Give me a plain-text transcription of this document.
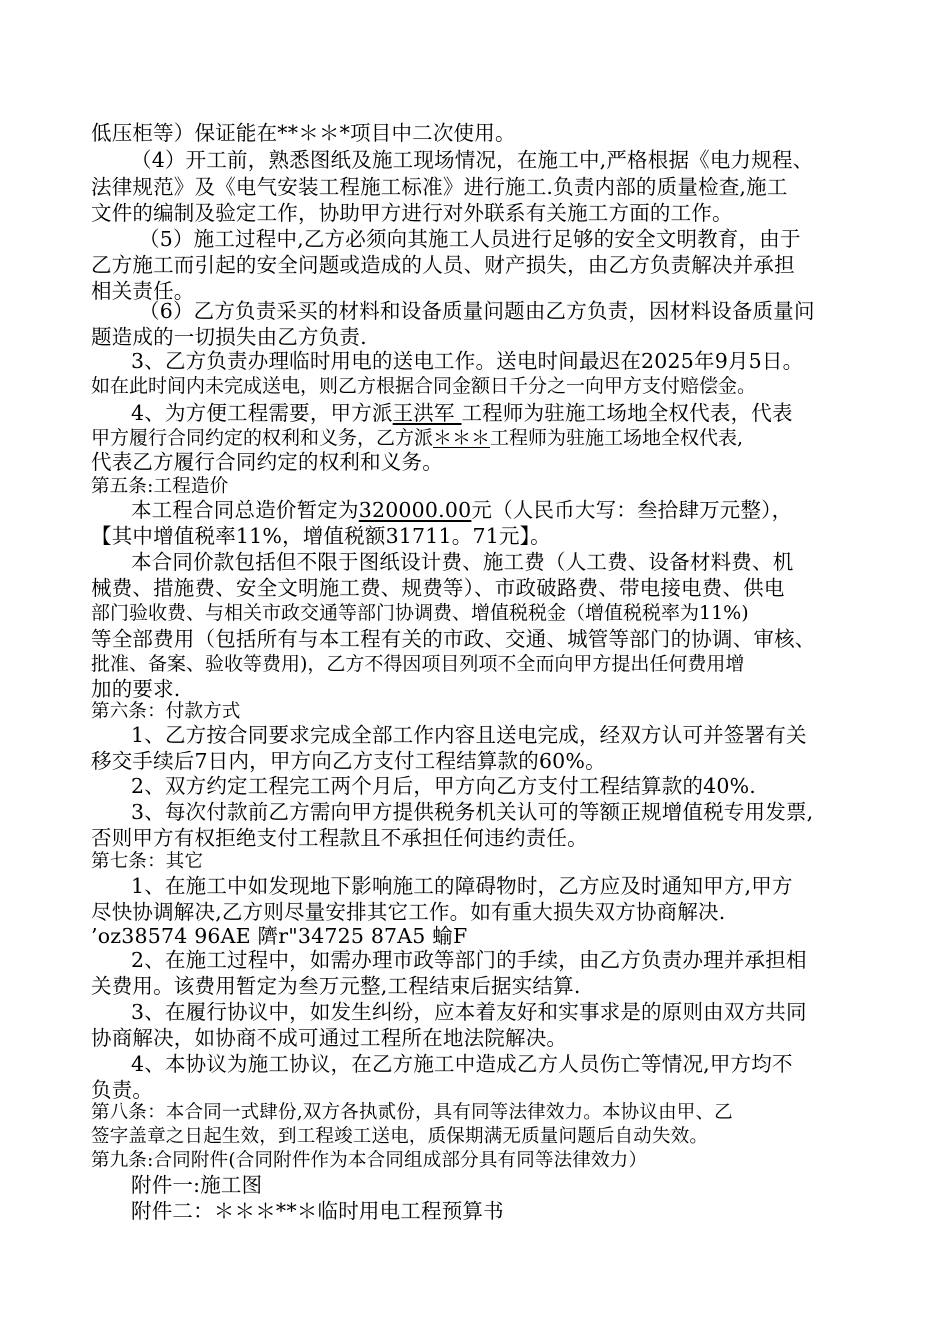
低压柜等）保证能在**＊＊*项目中二次使用。
（4）开工前，熟悉图纸及施工现场情况，在施工中,严格根据《电力规程、
法律规范》及《电气安装工程施工标准》进行施工.负责内部的质量检查,施工
文件的编制及验定工作，协助甲方进行对外联系有关施工方面的工作。
（5）施工过程中,乙方必须向其施工人员进行足够的安全文明教育，由于
乙方施工而引起的安全问题或造成的人员、财产损失，由乙方负责解决并承担
相关责任。
（6）乙方负责采买的材料和设备质量问题由乙方负责，因材料设备质量问
题造成的一切损失由乙方负责.
3、乙方负责办理临时用电的送电工作。送电时间最迟在2025年9月5日。
如在此时间内未完成送电，则乙方根据合同金额日千分之一向甲方支付赔偿金。
4、为方便工程需要，甲方派王洪军 工程师为驻施工场地全权代表，代表
甲方履行合同约定的权利和义务，乙方派＊＊＊工程师为驻施工场地全权代表,
代表乙方履行合同约定的权利和义务。
第五条:工程造价
本工程合同总造价暂定为320000.00元（人民币大写：叁拾肆万元整），
【其中增值税率11%，增值税额31711。71元】。
本合同价款包括但不限于图纸设计费、施工费（人工费、设备材料费、机
械费、措施费、安全文明施工费、规费等）、市政破路费、带电接电费、供电
部门验收费、与相关市政交通等部门协调费、增值税税金（增值税税率为11%)
等全部费用（包括所有与本工程有关的市政、交通、城管等部门的协调、审核、
批准、备案、验收等费用)，乙方不得因项目列项不全而向甲方提出任何费用增
加的要求.
第六条：付款方式
1、乙方按合同要求完成全部工作内容且送电完成，经双方认可并签署有关
移交手续后7日内，甲方向乙方支付工程结算款的60%。
2、双方约定工程完工两个月后，甲方向乙方支付工程结算款的40%.
3、每次付款前乙方需向甲方提供税务机关认可的等额正规增值税专用发票,
否则甲方有权拒绝支付工程款且不承担任何违约责任。
第七条：其它
1、在施工中如发现地下影响施工的障碍物时，乙方应及时通知甲方,甲方
尽快协调解决,乙方则尽量安排其它工作。如有重大损失双方协商解决.
’oz38574 96AE 隮r"34725 87A5 蝓F
2、在施工过程中，如需办理市政等部门的手续，由乙方负责办理并承担相
关费用。该费用暂定为叁万元整,工程结束后据实结算.
3、在履行协议中，如发生纠纷，应本着友好和实事求是的原则由双方共同
协商解决，如协商不成可通过工程所在地法院解决。
4、本协议为施工协议，在乙方施工中造成乙方人员伤亡等情况,甲方均不
负责。
第八条：本合同一式肆份,双方各执贰份，具有同等法律效力。本协议由甲、乙
签字盖章之日起生效，到工程竣工送电，质保期满无质量问题后自动失效。
第九条:合同附件(合同附件作为本合同组成部分具有同等法律效力）
附件一:施工图
附件二：＊＊＊**＊临时用电工程预算书
